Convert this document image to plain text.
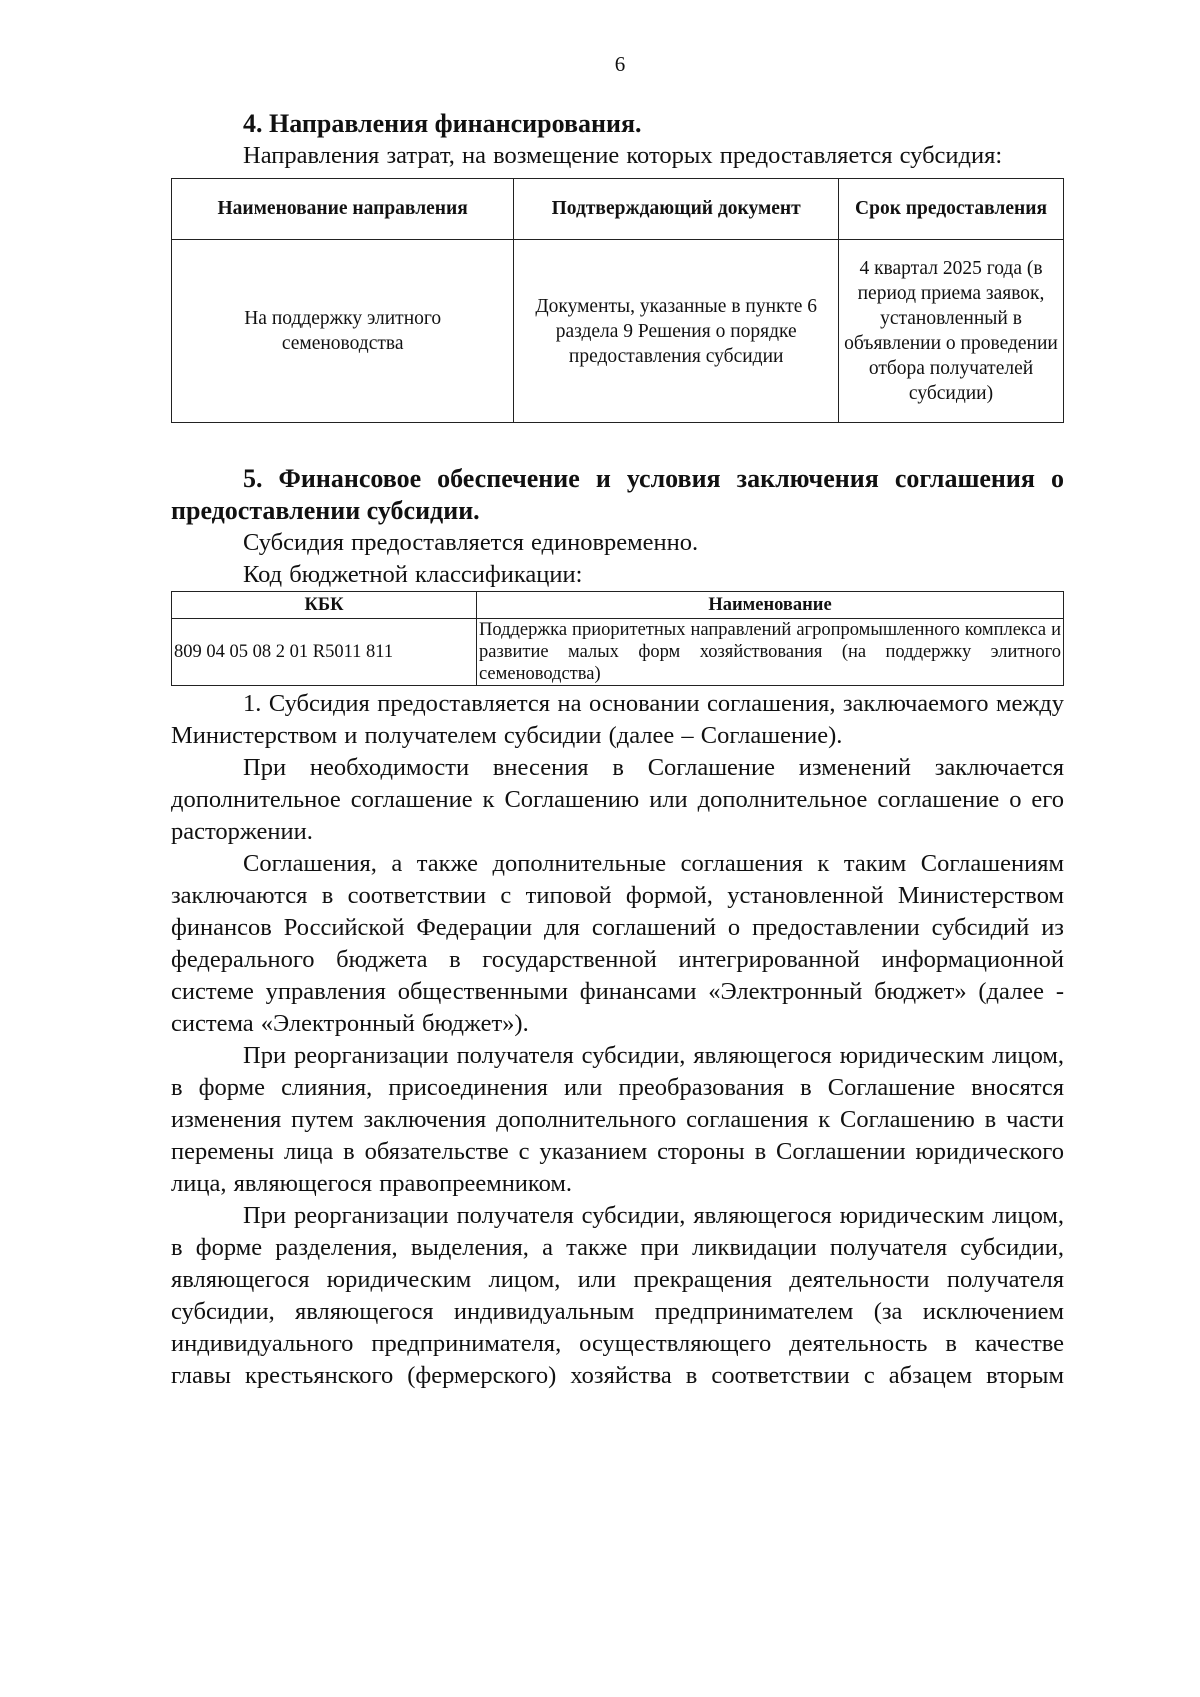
6
4. Направления финансирования.

Направления затрат, на возмещение которых предоставляется субсидия:

Наименование направления	Подтверждающий документ	Срок предоставления
На поддержку элитного семеноводства	Документы, указанные в пункте 6 раздела 9 Решения о порядке предоставления субсидии	4 квартал 2025 года (в период приема заявок, установленный в объявлении о проведении отбора получателей субсидии)
5. Финансовое обеспечение и условия заключения соглашения о предоставлении субсидии.

Субсидия предоставляется единовременно.

Код бюджетной классификации:

КБК	Наименование
809 04 05 08 2 01 R5011 811	Поддержка приоритетных направлений агропромышленного комплекса и развитие малых форм хозяйствования (на поддержку элитного семеноводства)

1. Субсидия предоставляется на основании соглашения, заключаемого между Министерством и получателем субсидии (далее – Соглашение).

При необходимости внесения в Соглашение изменений заключается дополнительное соглашение к Соглашению или дополнительное соглашение о его расторжении.

Соглашения, а также дополнительные соглашения к таким Соглашениям заключаются в соответствии с типовой формой, установленной Министерством финансов Российской Федерации для соглашений о предоставлении субсидий из федерального бюджета в государственной интегрированной информационной системе управления общественными финансами «Электронный бюджет» (далее - система «Электронный бюджет»).

При реорганизации получателя субсидии, являющегося юридическим лицом, в форме слияния, присоединения или преобразования в Соглашение вносятся изменения путем заключения дополнительного соглашения к Соглашению в части перемены лица в обязательстве с указанием стороны в Соглашении юридического лица, являющегося правопреемником.

При реорганизации получателя субсидии, являющегося юридическим лицом, в форме разделения, выделения, а также при ликвидации получателя субсидии, являющегося юридическим лицом, или прекращения деятельности получателя субсидии, являющегося индивидуальным предпринимателем (за исключением индивидуального предпринимателя, осуществляющего деятельность в качестве главы крестьянского (фермерского) хозяйства в соответствии с абзацем вторым
